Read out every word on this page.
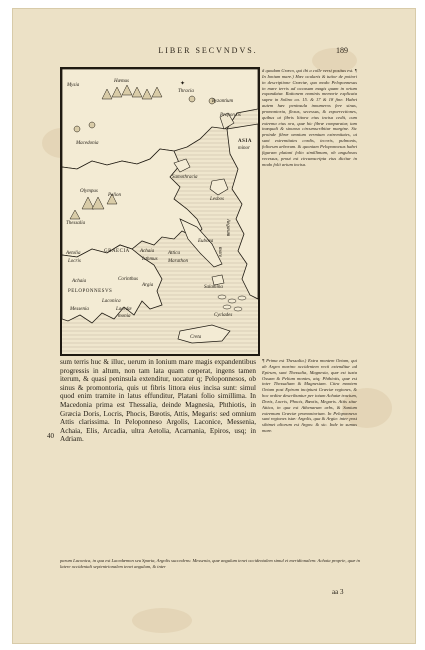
LIBER SECVNDVS.	189
✦
Mysia
Hæmus
Thracia
Byzantium
Propon tis
ASIA
minor
Macedonia
Samothracia
Olympus
Pelion
Thessalia
Lesbos
Aetolia
Locris
GRAECIA Achaia
Isthmus
Attica
Marathon
Euboea
Salamina
Cyclades
Achaia	Corinthus
PELOPONNESVS
Argia
Laconica
Lacedæ
monia
Messenia
Creta
Aegæum
mare
ã quodam Græco, qui ibi a colle versi positus est. ¶ In Ionium mare.) Hæc ocularis & tutior de potiori in descriptione Græciæ, quo modo Peloponnesus in mare terris ad occasum magis quam in ortum expandatur. Rationem nominis memorie explicata supra in Solino ca. 15. & 17 & 18 fine. Habet autem hæc peninsula innumeros fere sinus, promontoria, flexus, secessus, & exporrectiones, quibus ut fibris littora eius incisa cedit, cum extrema eius ora, quæ hic fibræ comparatur, tam inæquali & sinuoso circumscribitur margine. Sic proinde fibræ omnium vermium extremitates, ut sunt extremitates cordis, iecoris, pulmonis, foliorum arborum. & quoniam Peloponnesus habet figuram platani folio simillimam, ob angulosos recessus, prout est circumscripta eius dicitur in modo folii arium incisa.
40
sum terris huc & illuc, uerum in Ionium mare magis expandentibus progressis in altum, non tam lata quam cœperat, ingens tamen iterum, & quasi peninsula extenditur, uocatur q; Peloponnesos, ob sinus & promontoria, quis ut fibris littora eius incisa sunt: simul quod enim tramite in latus effunditur, Platani folio simillima. In Macedonia prima est Thessalia, deinde Magnesia, Phthiotis, in Græcia Doris, Locris, Phocis, Bœotis, Attis, Megaris: sed omnium Attis clarissima. In Peloponneso Argolis, Laconice, Messenia, Achaia, Elis, Arcadia, ultra Aetolia, Acarnania, Epiros, usq; in Adriam.
¶ Prima est Thessalia.) Extra montem Oetam, qui ab Argeo marino occidentem recti extenditur ad Epirum, sunt Thessalia, Magnesia, quæ est iuxta Ossam & Pelium montes, atq; Phthiotis, quæ est inter Thessaliam & Magnesiam. Citra montem Oetam post Epirum incipiunt Græciæ regiones, & hoc ordine describuntur per totum Achaiæ tractum, Doris, Locris, Phocis, Bœotis, Megaris. Attis situr Attica, in qua est Athenarum urbs, & Sunium extremum Græciæ promontorium. In Peloponneso sunt regiones istæ: Argolis, qua & Argia: inter post sibimet aliorum est Argos: & sic. Inde in sumus mare.
parum Laconica, in qua est Lacedæmon seu Sparta, Argolis succedens: Messenia, quæ angulum tenet occidentalem simul et meridionalem: Achaia proprie, quæ in latere occidentali septentrionalem tenet angulum, & inter
aa 3
